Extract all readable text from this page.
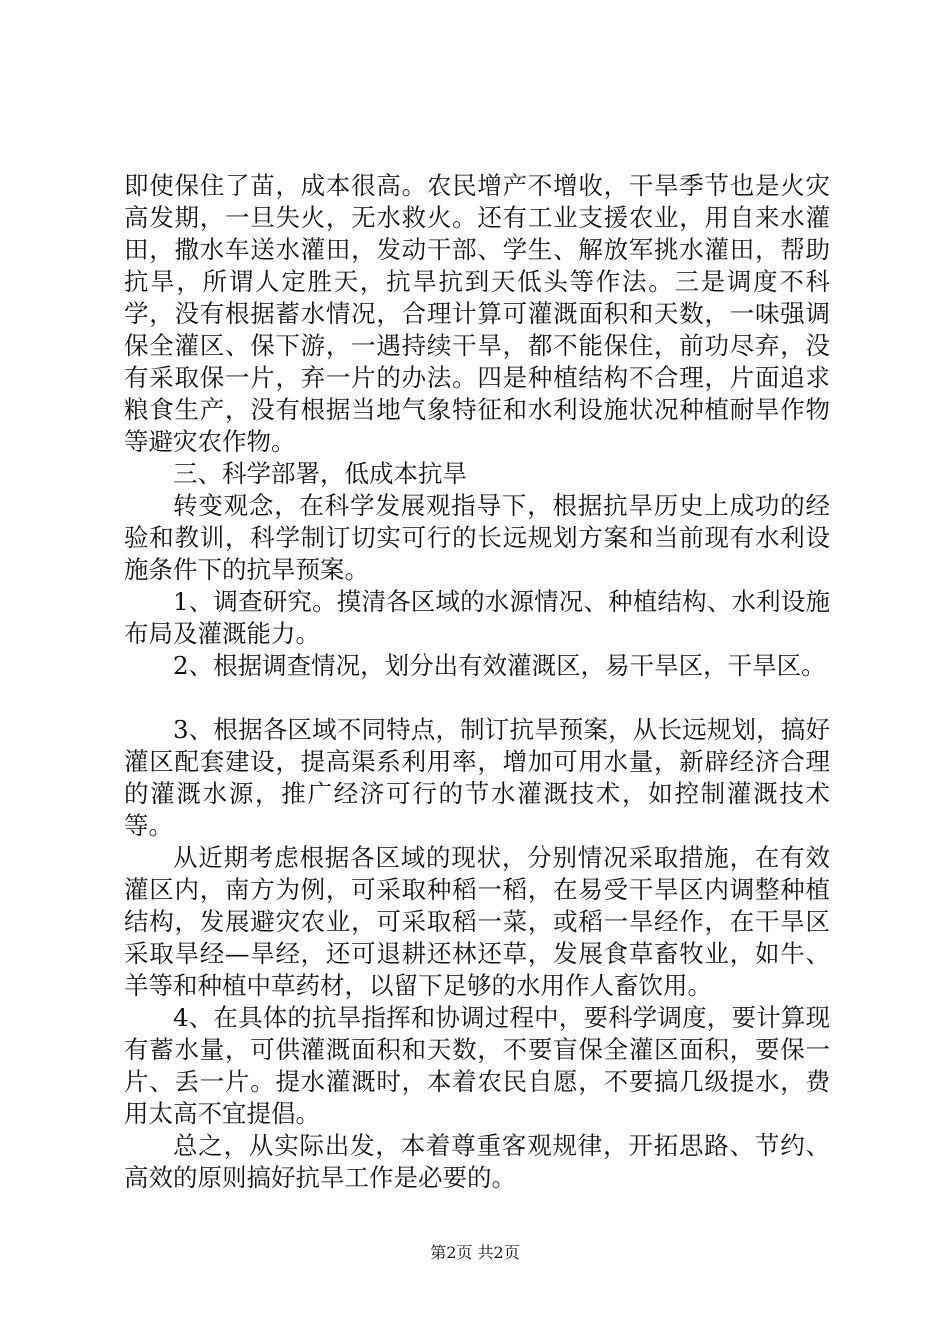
即使保住了苗，成本很高。农民增产不增收，干旱季节也是火灾高发期，一旦失火，无水救火。还有工业支援农业，用自来水灌田，撒水车送水灌田，发动干部、学生、解放军挑水灌田，帮助抗旱，所谓人定胜天，抗旱抗到天低头等作法。三是调度不科学，没有根据蓄水情况，合理计算可灌溉面积和天数，一味强调保全灌区、保下游，一遇持续干旱，都不能保住，前功尽弃，没有采取保一片，弃一片的办法。四是种植结构不合理，片面追求粮食生产，没有根据当地气象特征和水利设施状况种植耐旱作物等避灾农作物。

三、科学部署，低成本抗旱

转变观念，在科学发展观指导下，根据抗旱历史上成功的经验和教训，科学制订切实可行的长远规划方案和当前现有水利设施条件下的抗旱预案。

1、调查研究。摸清各区域的水源情况、种植结构、水利设施布局及灌溉能力。

2、根据调查情况，划分出有效灌溉区，易干旱区，干旱区。

3、根据各区域不同特点，制订抗旱预案，从长远规划，搞好灌区配套建设，提高渠系利用率，增加可用水量，新辟经济合理的灌溉水源，推广经济可行的节水灌溉技术，如控制灌溉技术等。

从近期考虑根据各区域的现状，分别情况采取措施，在有效灌区内，南方为例，可采取种稻一稻，在易受干旱区内调整种植结构，发展避灾农业，可采取稻一菜，或稻一旱经作，在干旱区采取旱经—旱经，还可退耕还林还草，发展食草畜牧业，如牛、羊等和种植中草药材，以留下足够的水用作人畜饮用。

4、在具体的抗旱指挥和协调过程中，要科学调度，要计算现有蓄水量，可供灌溉面积和天数，不要盲保全灌区面积，要保一片、丢一片。提水灌溉时，本着农民自愿，不要搞几级提水，费用太高不宜提倡。

总之，从实际出发，本着尊重客观规律，开拓思路、节约、高效的原则搞好抗旱工作是必要的。

第2页 共2页
